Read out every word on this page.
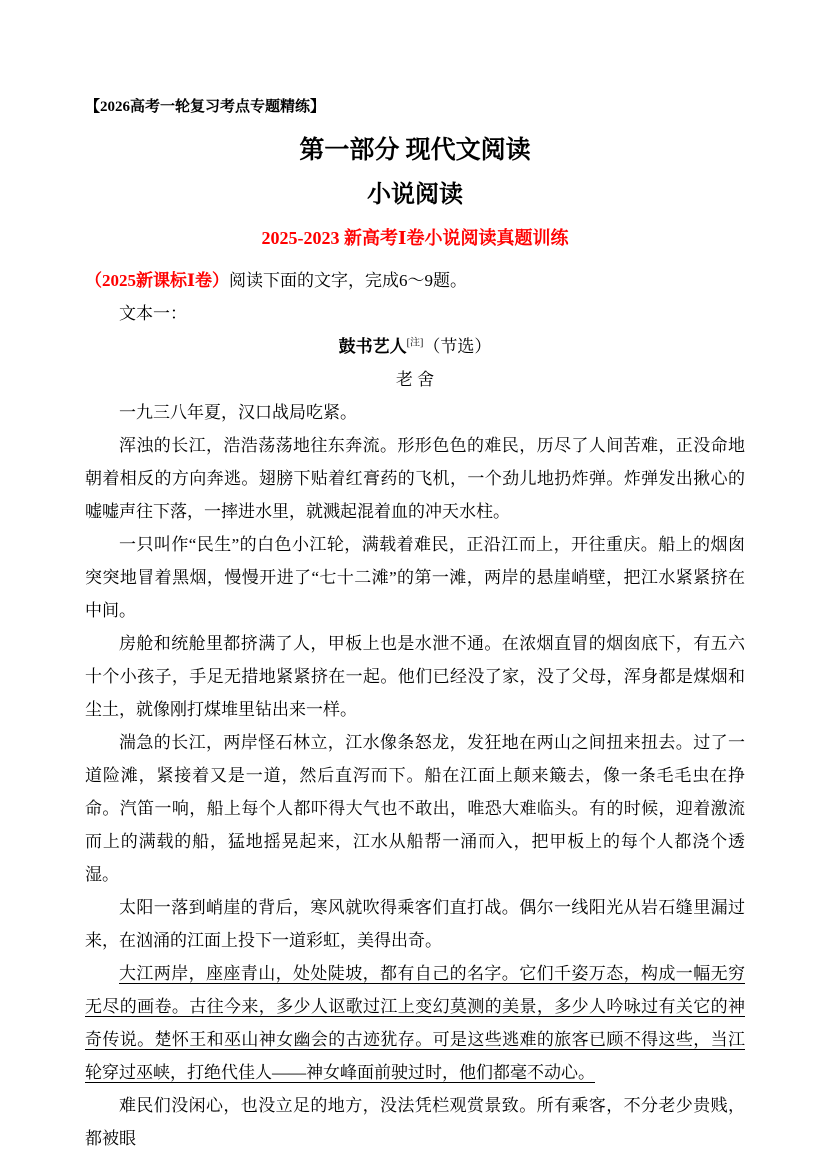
【2026高考一轮复习考点专题精练】

第一部分 现代文阅读
小说阅读
2025-2023 新高考Ⅰ卷小说阅读真题训练

（2025新课标Ⅰ卷）阅读下面的文字，完成6～9题。

文本一：

鼓书艺人[注]（节选）

老 舍

一九三八年夏，汉口战局吃紧。

浑浊的长江，浩浩荡荡地往东奔流。形形色色的难民，历尽了人间苦难，正没命地朝着相反的方向奔逃。翅膀下贴着红膏药的飞机，一个劲儿地扔炸弹。炸弹发出揪心的嘘嘘声往下落，一摔进水里，就溅起混着血的冲天水柱。

一只叫作“民生”的白色小江轮，满载着难民，正沿江而上，开往重庆。船上的烟囱突突地冒着黑烟，慢慢开进了“七十二滩”的第一滩，两岸的悬崖峭壁，把江水紧紧挤在中间。

房舱和统舱里都挤满了人，甲板上也是水泄不通。在浓烟直冒的烟囱底下，有五六十个小孩子，手足无措地紧紧挤在一起。他们已经没了家，没了父母，浑身都是煤烟和尘土，就像刚打煤堆里钻出来一样。

湍急的长江，两岸怪石林立，江水像条怒龙，发狂地在两山之间扭来扭去。过了一道险滩，紧接着又是一道，然后直泻而下。船在江面上颠来簸去，像一条毛毛虫在挣命。汽笛一响，船上每个人都吓得大气也不敢出，唯恐大难临头。有的时候，迎着激流而上的满载的船，猛地摇晃起来，江水从船帮一涌而入，把甲板上的每个人都浇个透湿。

太阳一落到峭崖的背后，寒风就吹得乘客们直打战。偶尔一线阳光从岩石缝里漏过来，在汹涌的江面上投下一道彩虹，美得出奇。

大江两岸，座座青山，处处陡坡，都有自己的名字。它们千姿万态，构成一幅无穷无尽的画卷。古往今来，多少人讴歌过江上变幻莫测的美景，多少人吟咏过有关它的神奇传说。楚怀王和巫山神女幽会的古迹犹存。可是这些逃难的旅客已顾不得这些，当江轮穿过巫峡，打绝代佳人——神女峰面前驶过时，他们都毫不动心。

难民们没闲心，也没立足的地方，没法凭栏观赏景致。所有乘客，不分老少贵贱，都被眼
